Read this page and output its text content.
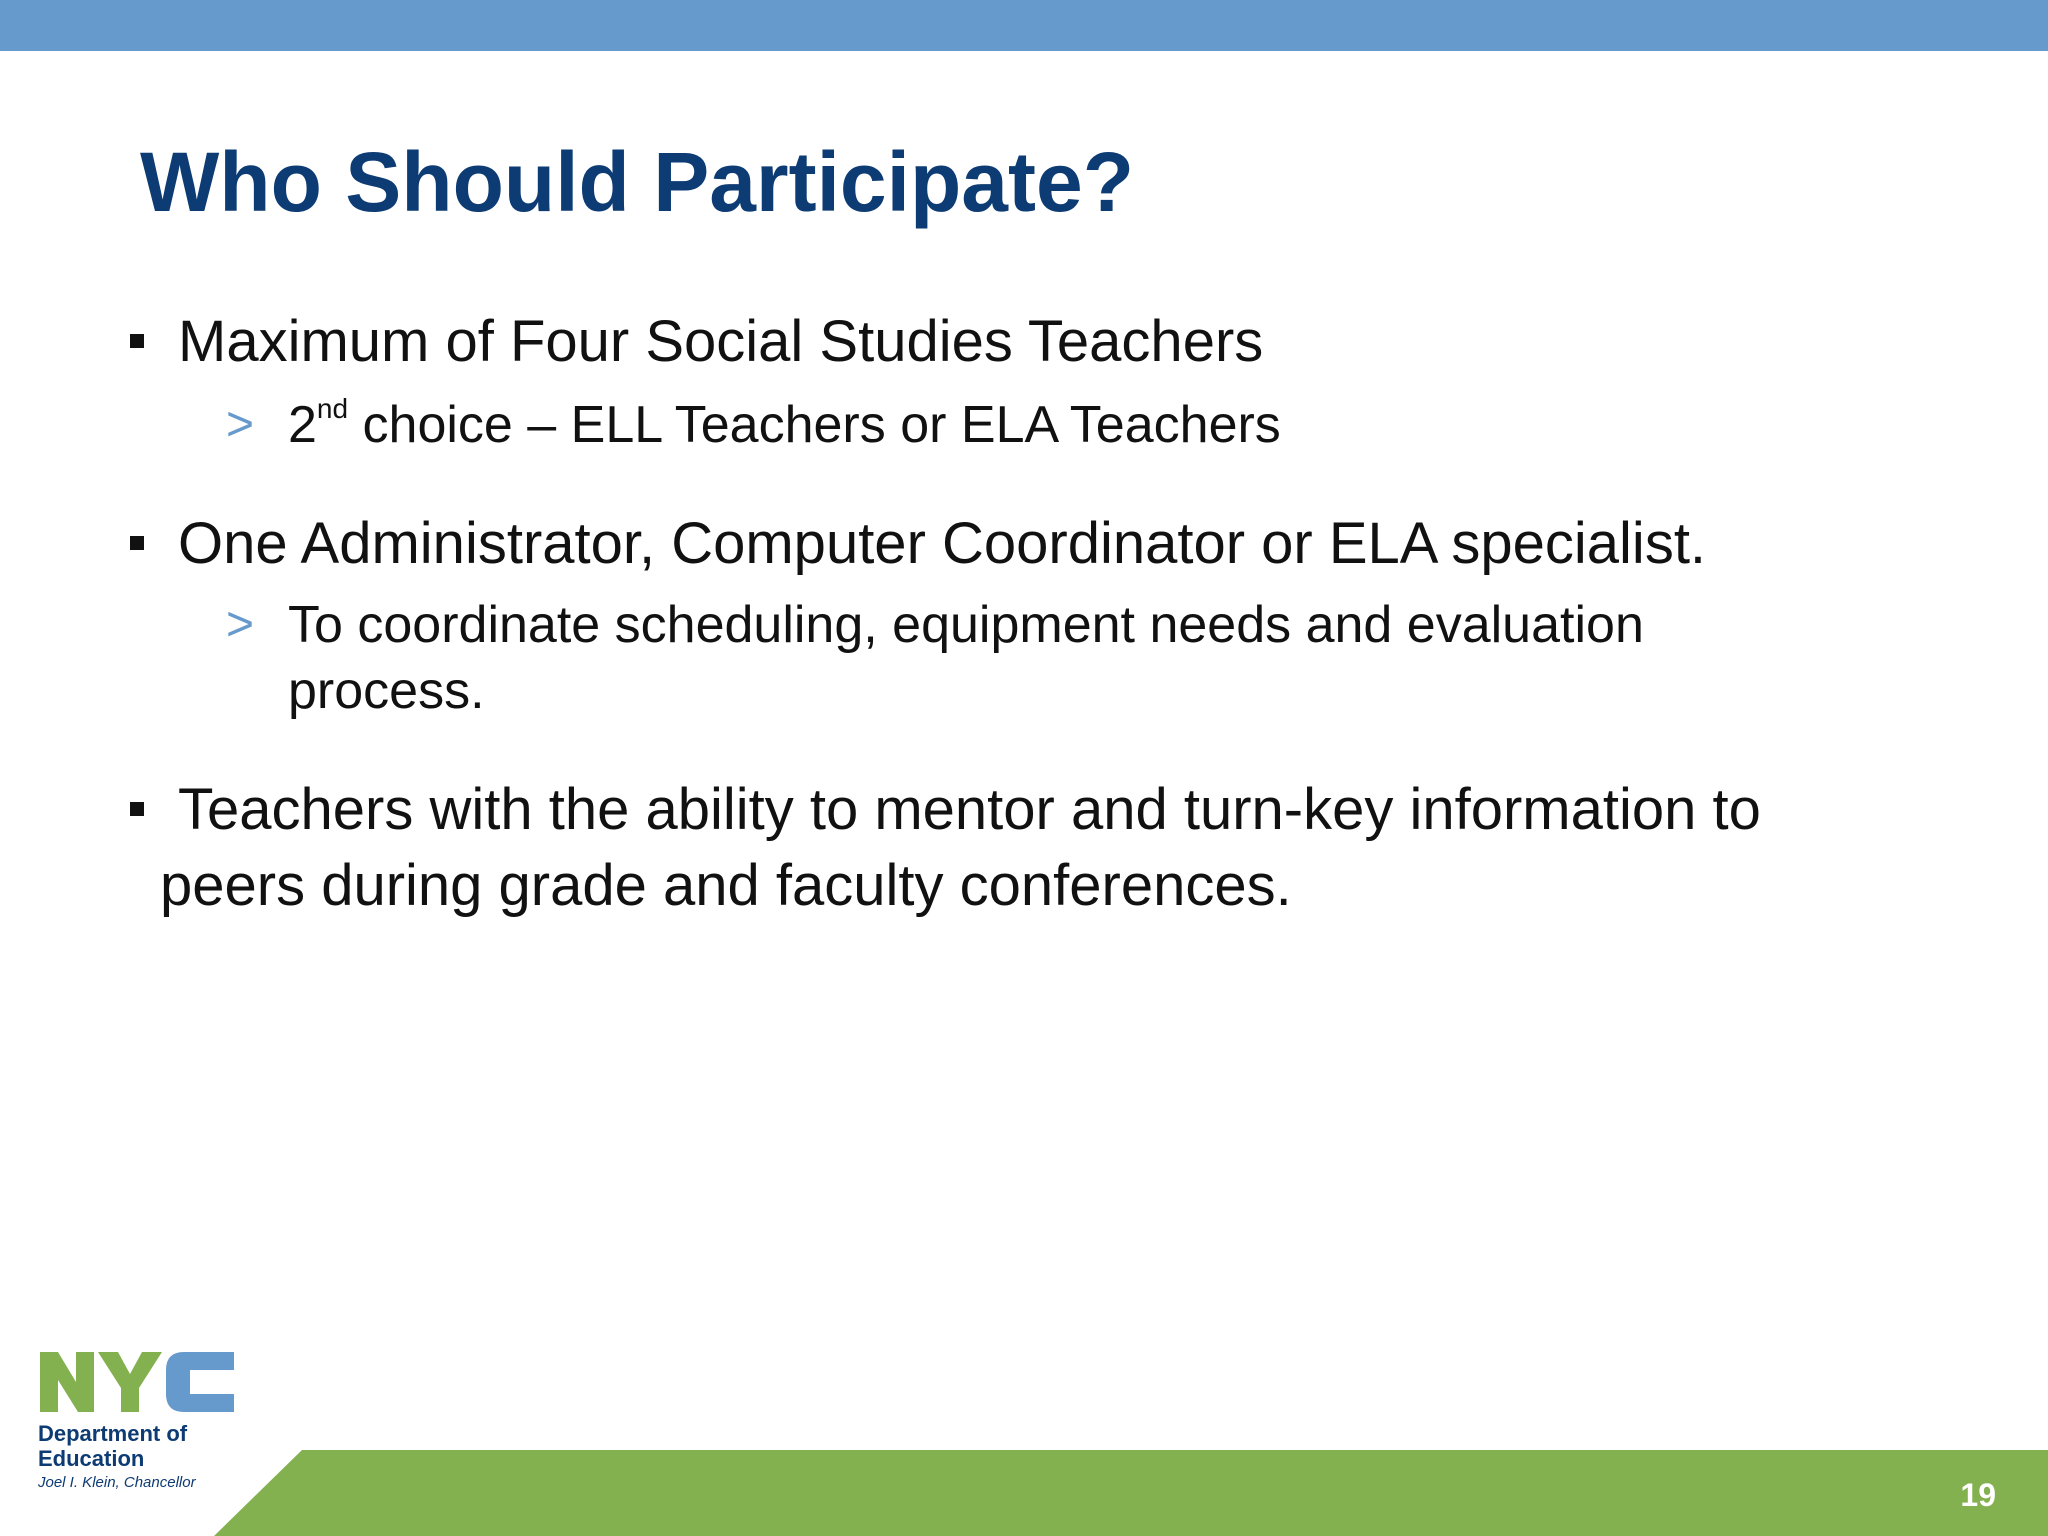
Who Should Participate?
Maximum of Four Social Studies Teachers
> 2nd choice – ELL Teachers or ELA Teachers
One Administrator, Computer Coordinator or ELA specialist.
> To coordinate scheduling, equipment needs and evaluation
process.
Teachers with the ability to mentor and turn-key information to
peers during grade and faculty conferences.
Department of
Education
Joel I. Klein, Chancellor	19
